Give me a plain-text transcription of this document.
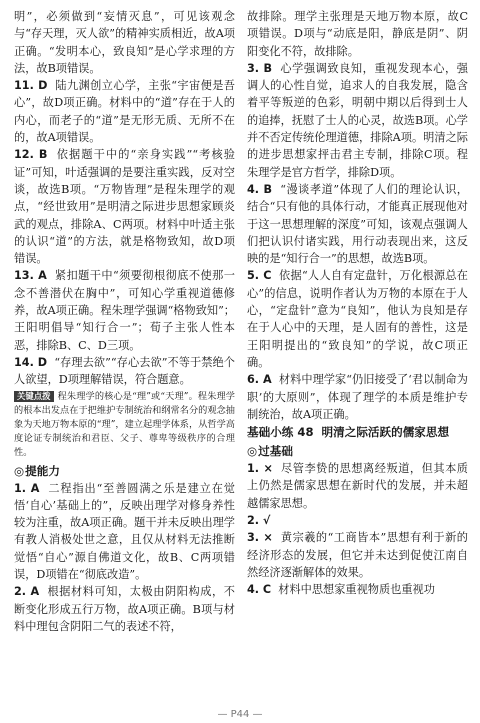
明”，必须做到“妄情灭息”，可见该观念与“存天理，灭人欲”的精神实质相近，故A项正确。“发明本心，致良知”是心学求理的方法，故B项错误。

11. D 陆九渊创立心学，主张“宇宙便是吾心”，故D项正确。材料中的“道”存在于人的内心，而老子的“道”是无形无质、无所不在的，故A项错误。

12. B 依据题干中的“亲身实践”“考核验证”可知，叶适强调的是要注重实践，反对空谈，故选B项。“万物皆理”是程朱理学的观点，“经世致用”是明清之际进步思想家顾炎武的观点，排除A、C两项。材料中叶适主张的认识“道”的方法，就是格物致知，故D项错误。

13. A 紧扣题干中“须要彻根彻底不使那一念不善潜伏在胸中”，可知心学重视道德修养，故A项正确。程朱理学强调“格物致知”；王阳明倡导“知行合一”；荀子主张人性本恶，排除B、C、D三项。

14. D “存理去欲”“存心去欲”不等于禁绝个人欲望，D项理解错误，符合题意。

关键点拨 程朱理学的核心是“理”或“天理”。程朱理学的根本出发点在于把维护专制统治和纲常名分的观念抽象为天地万物本原的“理”，建立起理学体系，从哲学高度论证专制统治和君臣、父子、尊卑等级秩序的合理性。

◎提能力

1. A 二程指出“至善圆满之乐是建立在觉悟‘自心’基础上的”，反映出理学对修身养性较为注重，故A项正确。题干并未反映出理学有教人消极处世之意，且仅从材料无法推断觉悟“自心”源自佛道文化，故B、C两项错误，D项错在“彻底改造”。

2. A 根据材料可知，太极由阴阳构成，不断变化形成五行万物，故A项正确。B项与材料中理包含阴阳二气的表述不符，

故排除。理学主张理是天地万物本原，故C项错误。D项与“动底是阳，静底是阴”、阴阳变化不符，故排除。

3. B 心学强调致良知，重视发现本心，强调人的心性自觉，追求人的自我发展，隐含着平等叛逆的色彩，明朝中期以后得到士人的追捧，抚慰了士人的心灵，故选B项。心学并不否定传统伦理道德，排除A项。明清之际的进步思想家抨击君主专制，排除C项。程朱理学是官方哲学，排除D项。

4. B “漫谈孝道”体现了人们的理论认识，结合“只有他的具体行动，才能真正展现他对于这一思想理解的深度”可知，该观点强调人们把认识付诸实践，用行动表现出来，这反映的是“知行合一”的思想，故选B项。

5. C 依据“人人自有定盘针，万化根源总在心”的信息，说明作者认为万物的本原在于人心，“定盘针”意为“良知”，他认为良知是存在于人心中的天理，是人固有的善性，这是王阳明提出的“致良知”的学说，故C项正确。

6. A 材料中理学家“仍旧接受了‘君以制命为职’的大原则”，体现了理学的本质是维护专制统治，故A项正确。

基础小练 48 明清之际活跃的儒家思想

◎过基础

1. × 尽管李贽的思想离经叛道，但其本质上仍然是儒家思想在新时代的发展，并未超越儒家思想。

2. √

3. × 黄宗羲的“工商皆本”思想有利于新的经济形态的发展，但它并未达到促使江南自然经济逐渐解体的效果。

4. C 材料中思想家重视物质也重视功

— P44 —
